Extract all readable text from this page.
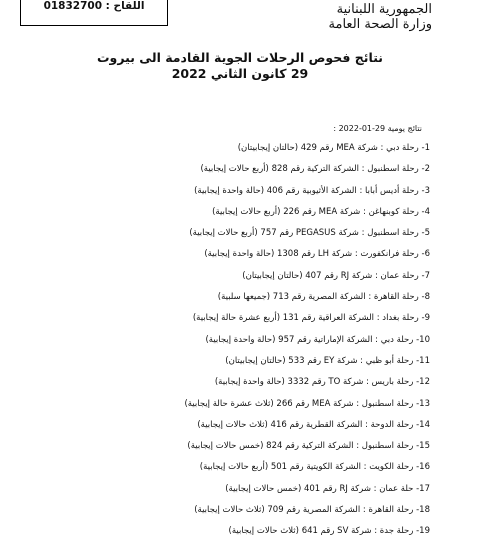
اللقاح : 01832700	الجمهورية اللبنانية
وزارة الصحة العامة
نتائج فحوص الرحلات الجوية القادمة الى بيروت
29 كانون الثاني 2022
نتائج يومية 29-01-2022 :
1- رحلة دبي : شركة MEA رقم 429 (حالتان إيجابيتان)
2- رحلة اسطنبول : الشركة التركية رقم 828 (أربع حالات إيجابية)
3- رحلة أديس أبابا : الشركة الأثيوبية رقم 406 (حالة واحدة إيجابية)
4- رحلة كوبنهاغن : شركة MEA رقم 226 (أربع حالات إيجابية)
5- رحلة اسطنبول : شركة PEGASUS رقم 757 (أربع حالات إيجابية)
6- رحلة فرانكفورت : شركة LH رقم 1308 (حالة واحدة إيجابية)
7- رحلة عمان : شركة RJ رقم 407 (حالتان إيجابيتان)
8- رحلة القاهرة : الشركة المصرية رقم 713 (جميعها سلبية)
9- رحلة بغداد : الشركة العراقية رقم 131 (أربع عشرة حالة إيجابية)
10- رحلة دبي : الشركة الإماراتية رقم 957 (حالة واحدة إيجابية)
11- رحلة أبو ظبي : شركة EY رقم 533 (حالتان إيجابيتان)
12- رحلة باريس : شركة TO رقم 3332 (حالة واحدة إيجابية)
13- رحلة اسطنبول : شركة MEA رقم 266 (ثلاث عشرة حالة إيجابية)
14- رحلة الدوحة : الشركة القطرية رقم 416 (ثلاث حالات إيجابية)
15- رحلة اسطنبول : الشركة التركية رقم 824 (خمس حالات إيجابية)
16- رحلة الكويت : الشركة الكويتية رقم 501 (أربع حالات إيجابية)
17- حلة عمان : شركة RJ رقم 401 (خمس حالات إيجابية)
18- رحلة القاهرة : الشركة المصرية رقم 709 (ثلاث حالات إيجابية)
19- رحلة جدة : شركة SV رقم 641 (ثلاث حالات إيجابية)
